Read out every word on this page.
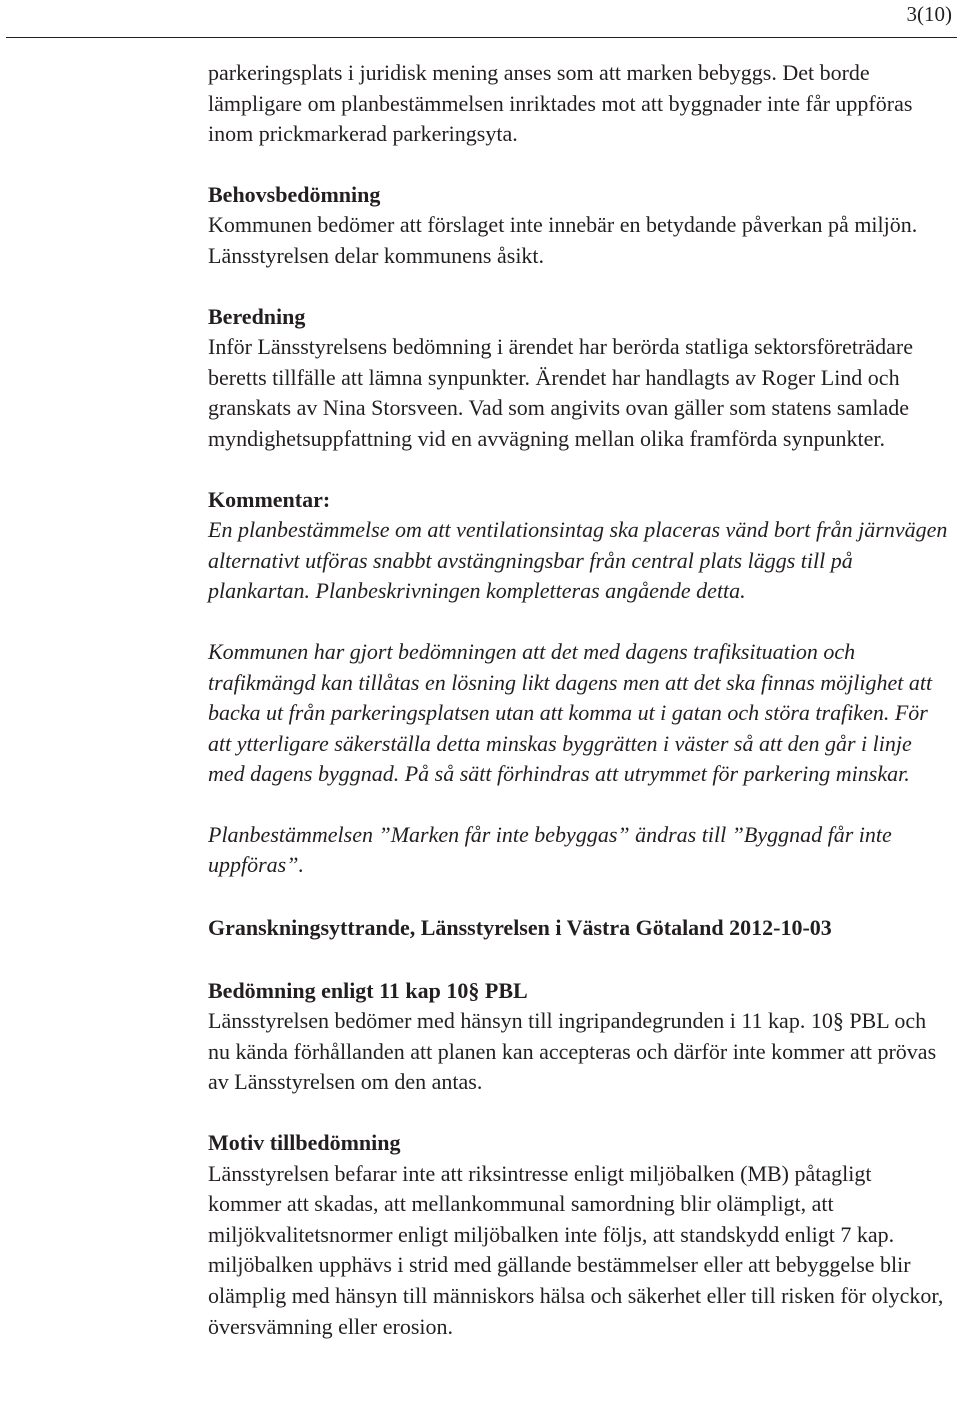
3(10)

parkeringsplats i juridisk mening anses som att marken bebyggs. Det borde lämpligare om planbestämmelsen inriktades mot att byggnader inte får uppföras inom prickmarkerad parkeringsyta.

Behovsbedömning

Kommunen bedömer att förslaget inte innebär en betydande påverkan på miljön. Länsstyrelsen delar kommunens åsikt.

Beredning

Inför Länsstyrelsens bedömning i ärendet har berörda statliga sektorsföreträdare beretts tillfälle att lämna synpunkter. Ärendet har handlagts av Roger Lind och granskats av Nina Storsveen. Vad som angivits ovan gäller som statens samlade myndighetsuppfattning vid en avvägning mellan olika framförda synpunkter.

Kommentar:

En planbestämmelse om att ventilationsintag ska placeras vänd bort från järnvägen alternativt utföras snabbt avstängningsbar från central plats läggs till på plankartan. Planbeskrivningen kompletteras angående detta.

Kommunen har gjort bedömningen att det med dagens trafiksituation och trafikmängd kan tillåtas en lösning likt dagens men att det ska finnas möjlighet att backa ut från parkeringsplatsen utan att komma ut i gatan och störa trafiken. För att ytterligare säkerställa detta minskas byggrätten i väster så att den går i linje med dagens byggnad. På så sätt förhindras att utrymmet för parkering minskar.

Planbestämmelsen ”Marken får inte bebyggas” ändras till ”Byggnad får inte uppföras”.

Granskningsyttrande, Länsstyrelsen i Västra Götaland 2012-10-03

Bedömning enligt 11 kap 10§ PBL

Länsstyrelsen bedömer med hänsyn till ingripandegrunden i 11 kap. 10§ PBL och nu kända förhållanden att planen kan accepteras och därför inte kommer att prövas av Länsstyrelsen om den antas.

Motiv tillbedömning

Länsstyrelsen befarar inte att riksintresse enligt miljöbalken (MB) påtagligt kommer att skadas, att mellankommunal samordning blir olämpligt, att miljökvalitetsnormer enligt miljöbalken inte följs, att standskydd enligt 7 kap. miljöbalken upphävs i strid med gällande bestämmelser eller att bebyggelse blir olämplig med hänsyn till människors hälsa och säkerhet eller till risken för olyckor, översvämning eller erosion.
